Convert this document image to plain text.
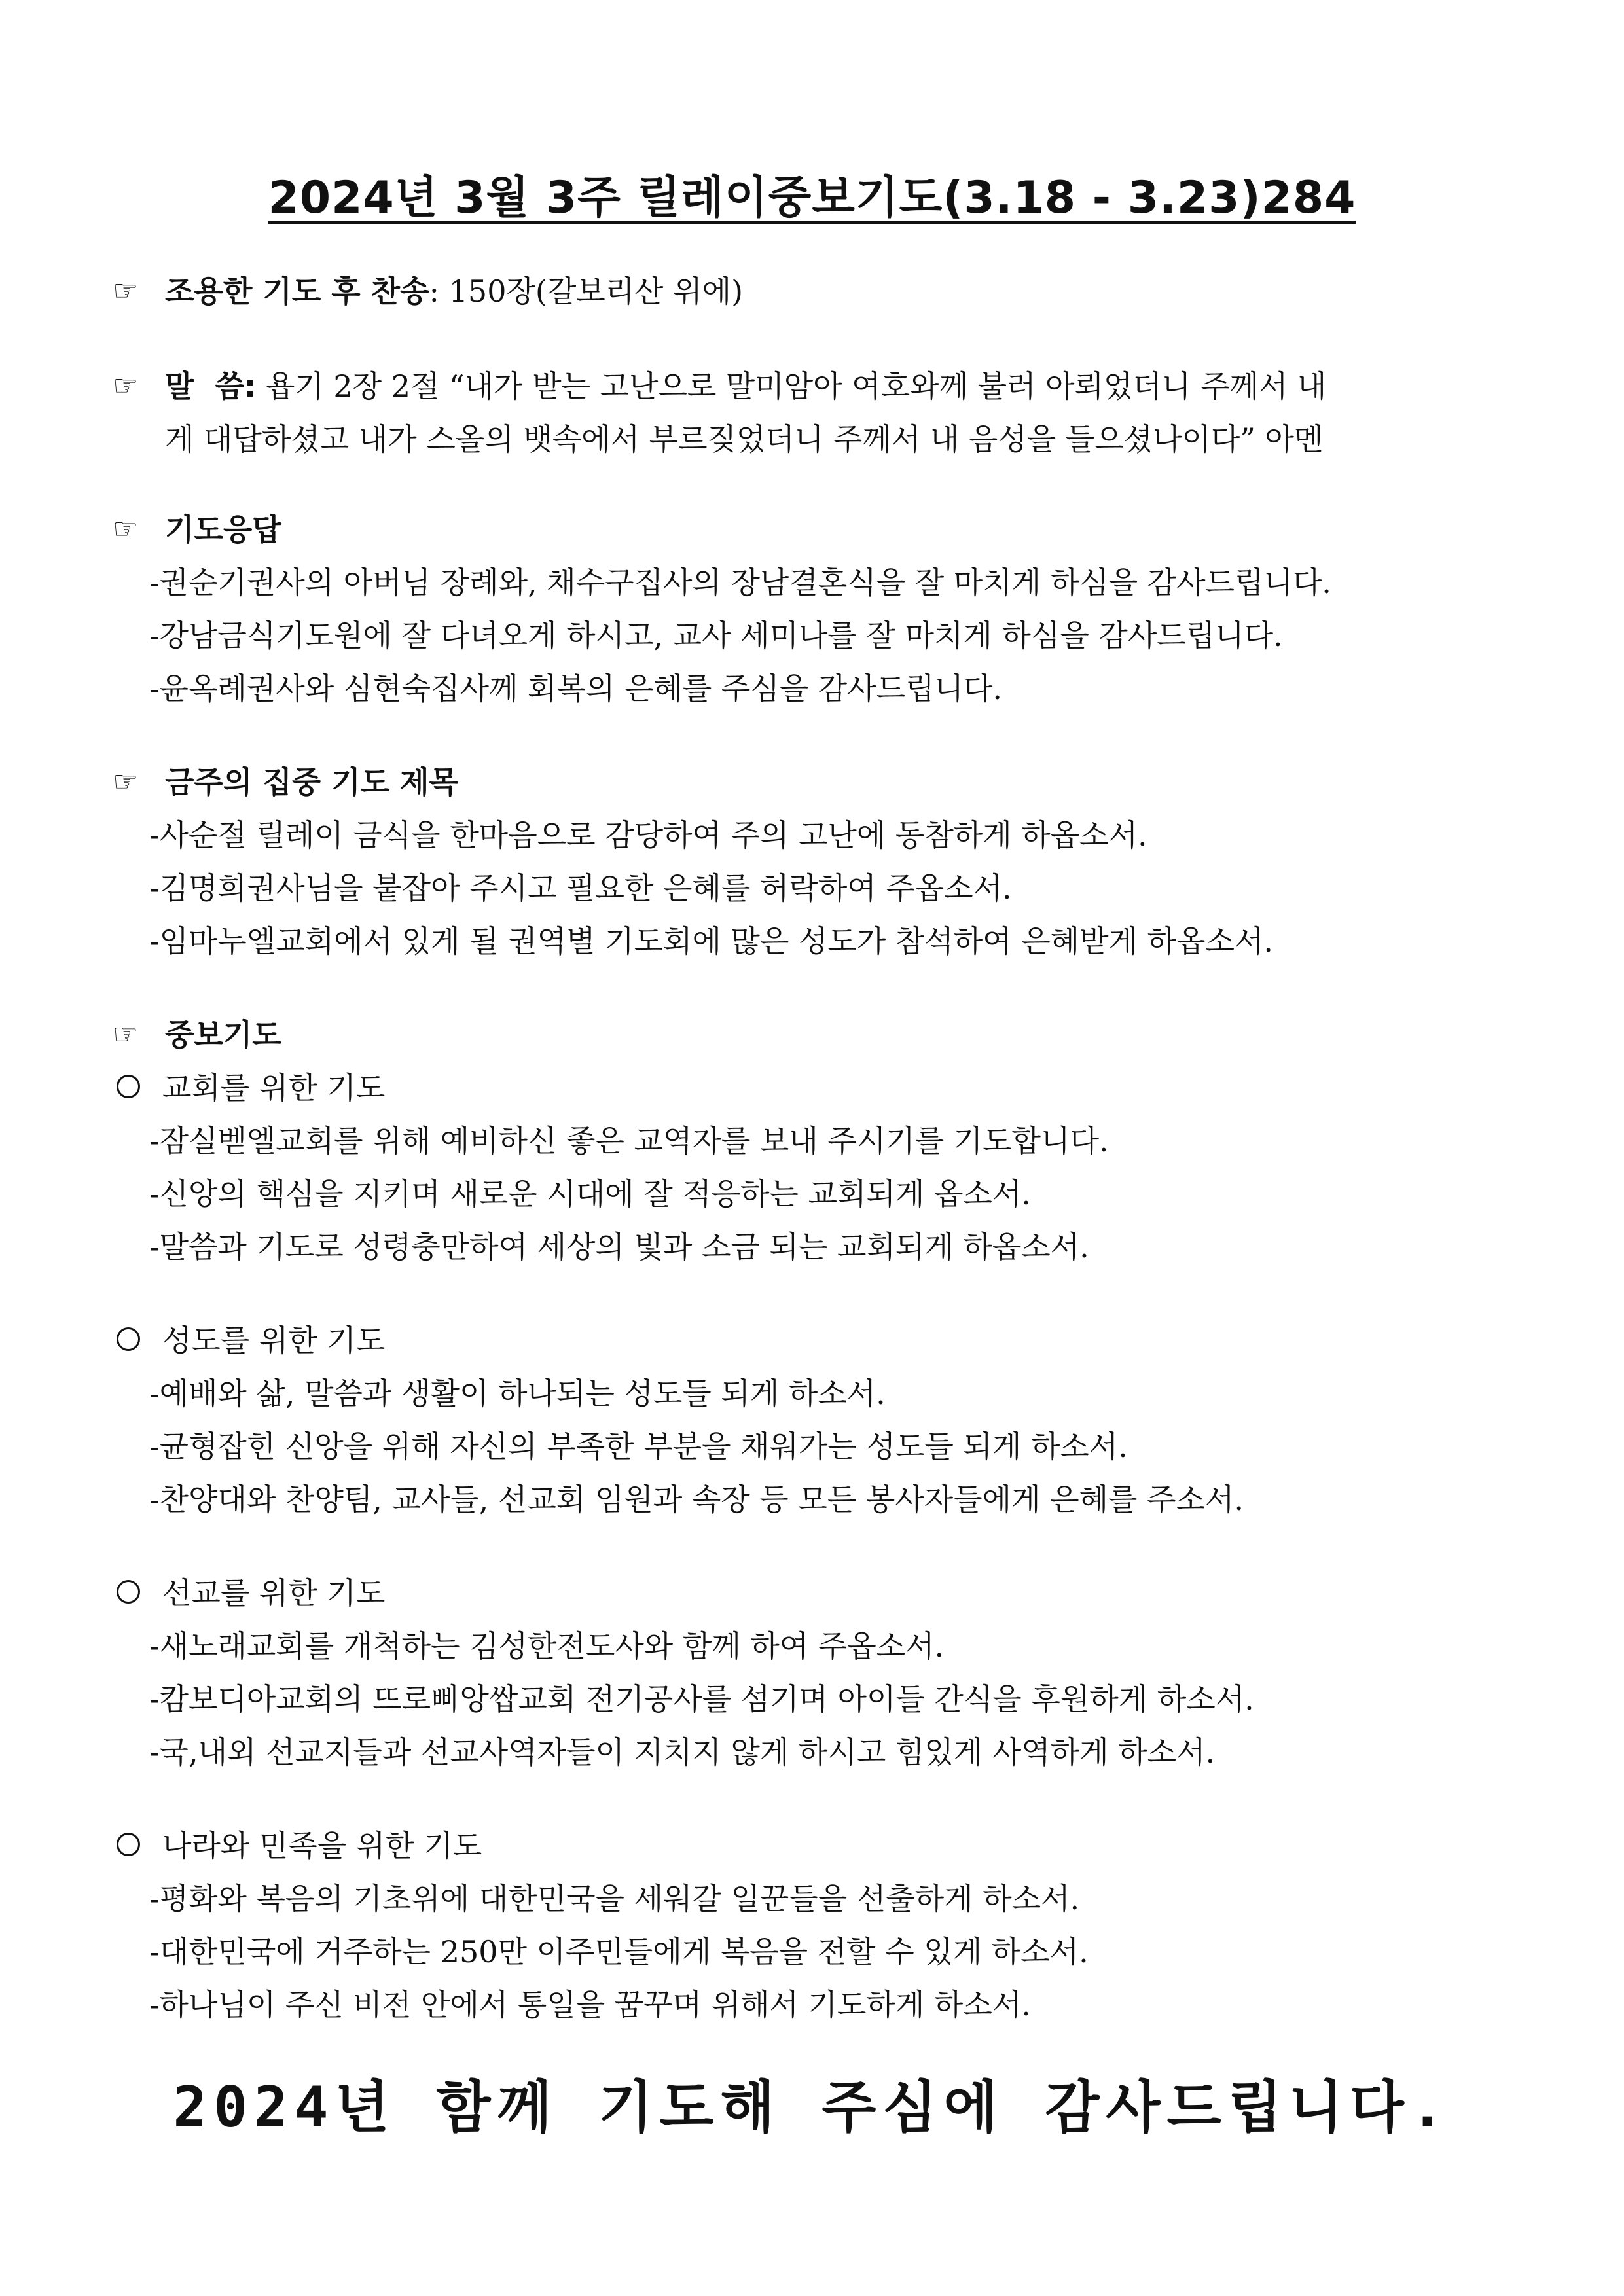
2024년 3월 3주 릴레이중보기도(3.18 - 3.23)284
☞ 조용한 기도 후 찬송: 150장(갈보리산 위에)
☞ 말  씀: 욥기 2장 2절 “내가 받는 고난으로 말미암아 여호와께 불러 아뢰었더니 주께서 내
게 대답하셨고 내가 스올의 뱃속에서 부르짖었더니 주께서 내 음성을 들으셨나이다” 아멘
☞ 기도응답
-권순기권사의 아버님 장례와, 채수구집사의 장남결혼식을 잘 마치게 하심을 감사드립니다.
-강남금식기도원에 잘 다녀오게 하시고, 교사 세미나를 잘 마치게 하심을 감사드립니다.
-윤옥례권사와 심현숙집사께 회복의 은혜를 주심을 감사드립니다.
☞ 금주의 집중 기도 제목
-사순절 릴레이 금식을 한마음으로 감당하여 주의 고난에 동참하게 하옵소서.
-김명희권사님을 붙잡아 주시고 필요한 은혜를 허락하여 주옵소서.
-임마누엘교회에서 있게 될 권역별 기도회에 많은 성도가 참석하여 은혜받게 하옵소서.
☞ 중보기도
교회를 위한 기도
-잠실벧엘교회를 위해 예비하신 좋은 교역자를 보내 주시기를 기도합니다.
-신앙의 핵심을 지키며 새로운 시대에 잘 적응하는 교회되게 옵소서.
-말씀과 기도로 성령충만하여 세상의 빛과 소금 되는 교회되게 하옵소서.
성도를 위한 기도
-예배와 삶, 말씀과 생활이 하나되는 성도들 되게 하소서.
-균형잡힌 신앙을 위해 자신의 부족한 부분을 채워가는 성도들 되게 하소서.
-찬양대와 찬양팀, 교사들, 선교회 임원과 속장 등 모든 봉사자들에게 은혜를 주소서.
선교를 위한 기도
-새노래교회를 개척하는 김성한전도사와 함께 하여 주옵소서.
-캄보디아교회의 뜨로삐앙쌉교회 전기공사를 섬기며 아이들 간식을 후원하게 하소서.
-국,내외 선교지들과 선교사역자들이 지치지 않게 하시고 힘있게 사역하게 하소서.
나라와 민족을 위한 기도
-평화와 복음의 기초위에 대한민국을 세워갈 일꾼들을 선출하게 하소서.
-대한민국에 거주하는 250만 이주민들에게 복음을 전할 수 있게 하소서.
-하나님이 주신 비전 안에서 통일을 꿈꾸며 위해서 기도하게 하소서.
2024년 함께 기도해 주심에 감사드립니다.
